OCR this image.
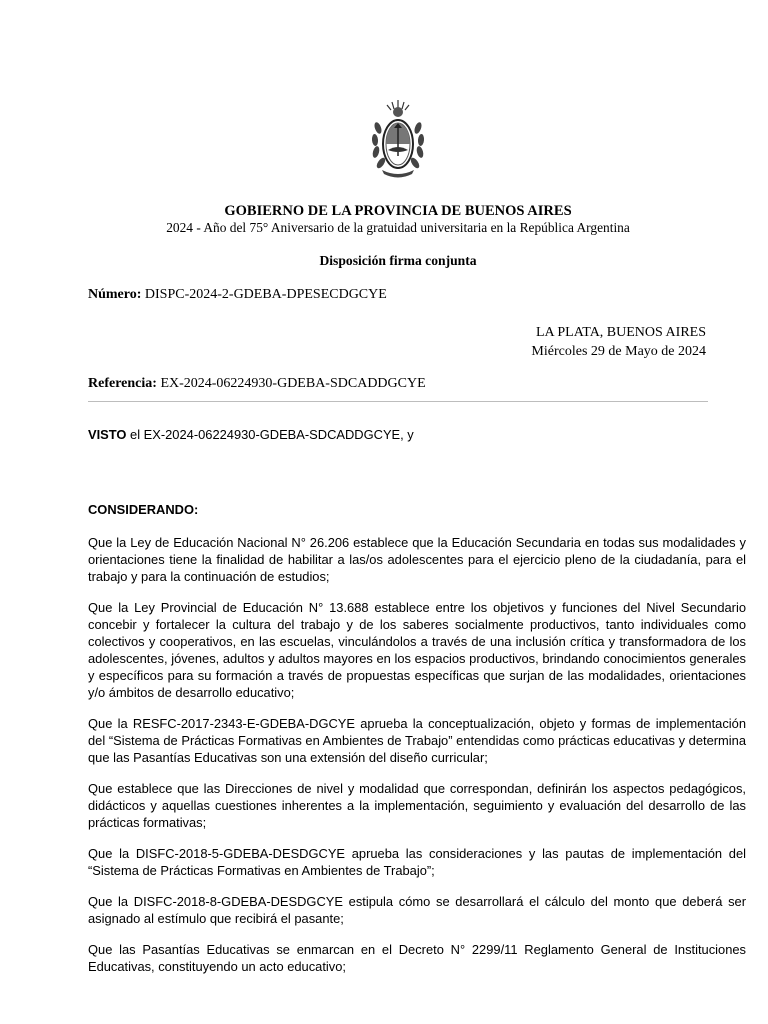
GOBIERNO DE LA PROVINCIA DE BUENOS AIRES
2024 - Año del 75° Aniversario de la gratuidad universitaria en la República Argentina
Disposición firma conjunta
Número: DISPC-2024-2-GDEBA-DPESECDGCYE
LA PLATA, BUENOS AIRES
Miércoles 29 de Mayo de 2024
Referencia: EX-2024-06224930-GDEBA-SDCADDGCYE
VISTO el EX-2024-06224930-GDEBA-SDCADDGCYE, y
CONSIDERANDO:

Que la Ley de Educación Nacional N° 26.206 establece que la Educación Secundaria en todas sus modalidades y orientaciones tiene la finalidad de habilitar a las/os adolescentes para el ejercicio pleno de la ciudadanía, para el trabajo y para la continuación de estudios;

Que la Ley Provincial de Educación N° 13.688 establece entre los objetivos y funciones del Nivel Secundario concebir y fortalecer la cultura del trabajo y de los saberes socialmente productivos, tanto individuales como colectivos y cooperativos, en las escuelas, vinculándolos a través de una inclusión crítica y transformadora de los adolescentes, jóvenes, adultos y adultos mayores en los espacios productivos, brindando conocimientos generales y específicos para su formación a través de propuestas específicas que surjan de las modalidades, orientaciones y/o ámbitos de desarrollo educativo;

Que la RESFC-2017-2343-E-GDEBA-DGCYE aprueba la conceptualización, objeto y formas de implementación del “Sistema de Prácticas Formativas en Ambientes de Trabajo” entendidas como prácticas educativas y determina que las Pasantías Educativas son una extensión del diseño curricular;

Que establece que las Direcciones de nivel y modalidad que correspondan, definirán los aspectos pedagógicos, didácticos y aquellas cuestiones inherentes a la implementación, seguimiento y evaluación del desarrollo de las prácticas formativas;

Que la DISFC-2018-5-GDEBA-DESDGCYE aprueba las consideraciones y las pautas de implementación del “Sistema de Prácticas Formativas en Ambientes de Trabajo”;

Que la DISFC-2018-8-GDEBA-DESDGCYE estipula cómo se desarrollará el cálculo del monto que deberá ser asignado al estímulo que recibirá el pasante;

Que las Pasantías Educativas se enmarcan en el Decreto N° 2299/11 Reglamento General de Instituciones Educativas, constituyendo un acto educativo;
